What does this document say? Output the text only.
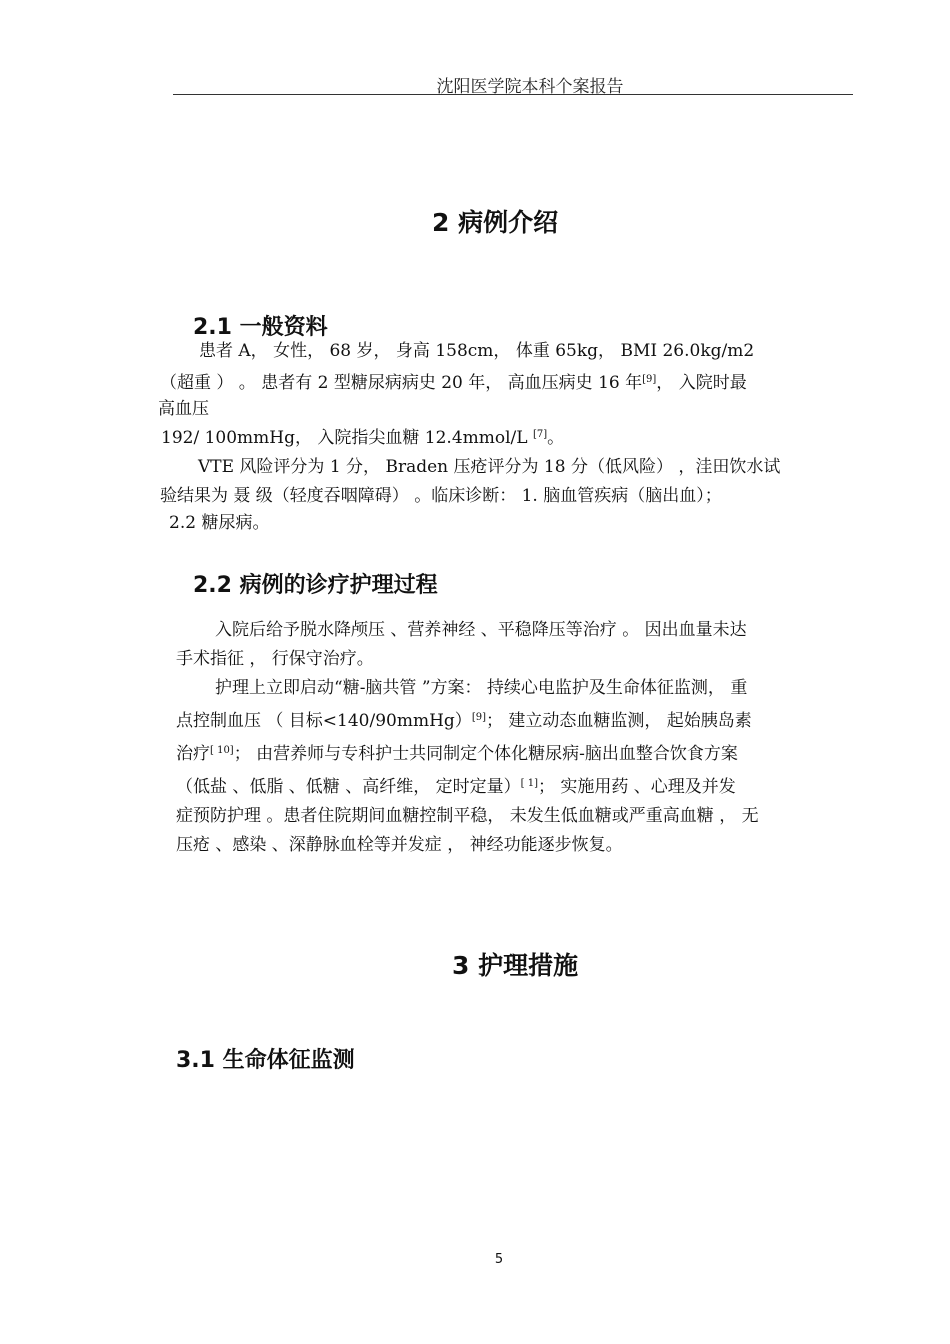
沈阳医学院本科个案报告
2 病例介绍
2.1 一般资料
患者 A， 女性， 68 岁， 身高 158cm， 体重 65kg， BMI 26.0kg/m2
（超重 ） 。 患者有 2 型糖尿病病史 20 年， 高血压病史 16 年[9]， 入院时最
高血压
192/ 100mmHg， 入院指尖血糖 12.4mmol/L [7]。
VTE 风险评分为 1 分， Braden 压疮评分为 18 分（低风险） ，洼田饮水试
验结果为 聂 级（轻度吞咽障碍） 。临床诊断： 1. 脑血管疾病（脑出血）；
2.2 糖尿病。
2.2 病例的诊疗护理过程
入院后给予脱水降颅压 、营养神经 、平稳降压等治疗 。 因出血量未达
手术指征 ， 行保守治疗。
护理上立即启动“糖-脑共管 ”方案： 持续心电监护及生命体征监测， 重
点控制血压 （ 目标<140/90mmHg）[9]； 建立动态血糖监测， 起始胰岛素
治疗[ 10]； 由营养师与专科护士共同制定个体化糖尿病-脑出血整合饮食方案
（低盐 、低脂 、低糖 、高纤维， 定时定量）[ 1]； 实施用药 、心理及并发
症预防护理 。患者住院期间血糖控制平稳， 未发生低血糖或严重高血糖 ， 无
压疮 、感染 、深静脉血栓等并发症 ， 神经功能逐步恢复。
3 护理措施
3.1 生命体征监测
5
